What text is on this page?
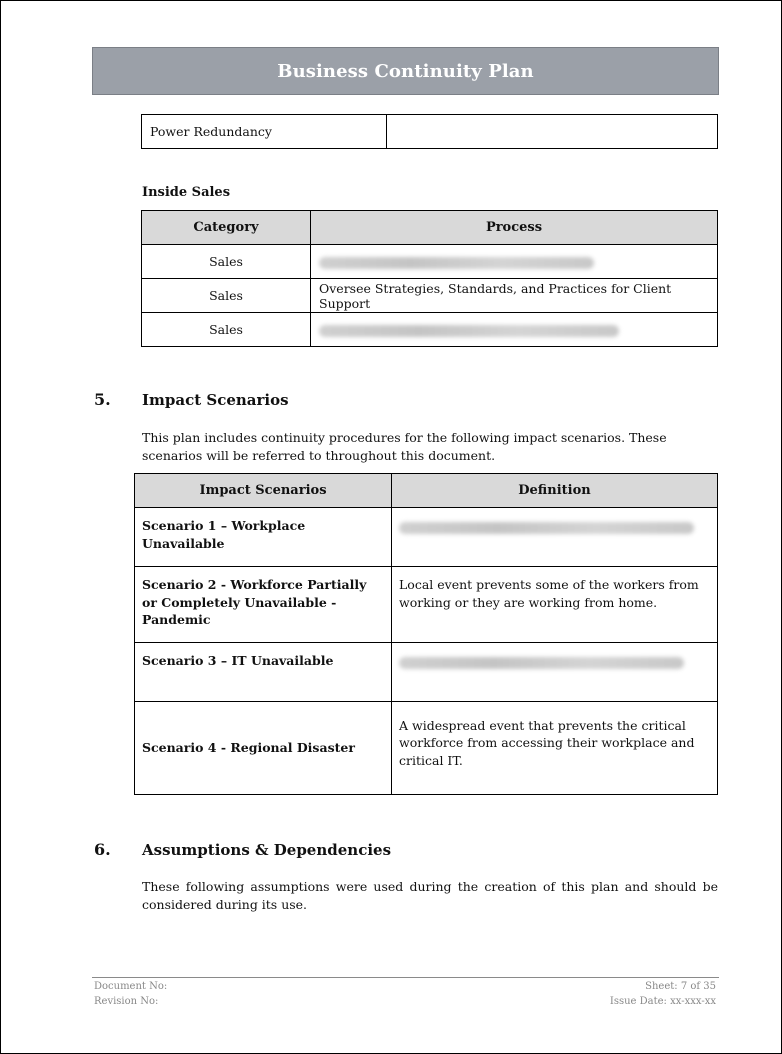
Business Continuity Plan
Power Redundancy	
Inside Sales
Category	Process
Sales	
Sales	Oversee Strategies, Standards, and Practices for Client Support
Sales	
5. Impact Scenarios
This plan includes continuity procedures for the following impact scenarios. These scenarios will be referred to throughout this document.
Impact Scenarios	Definition
Scenario 1 – Workplace Unavailable	
Scenario 2 - Workforce Partially or Completely Unavailable - Pandemic	Local event prevents some of the workers from working or they are working from home.
Scenario 3 – IT Unavailable	
Scenario 4 - Regional Disaster	A widespread event that prevents the critical workforce from accessing their workplace and critical IT.
6. Assumptions & Dependencies
These following assumptions were used during the creation of this plan and should be considered during its use.
Document No:
Revision No:
Sheet: 7 of 35
Issue Date: xx-xxx-xx
